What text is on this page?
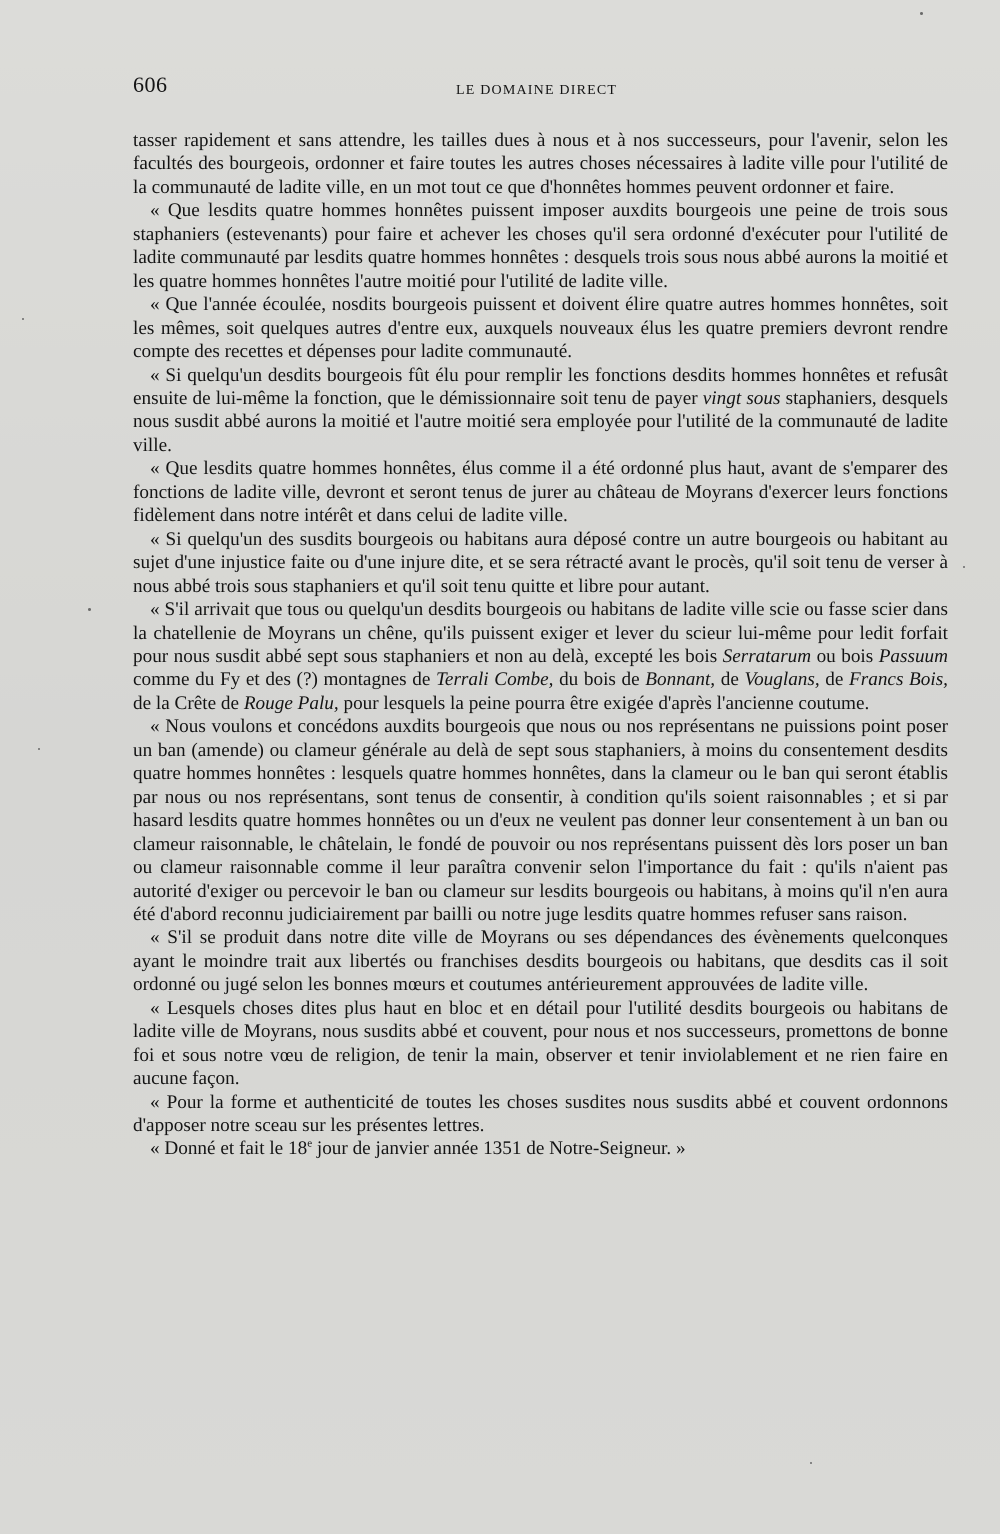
606	LE DOMAINE DIRECT

tasser rapidement et sans attendre, les tailles dues à nous et à nos successeurs, pour l'avenir, selon les facultés des bourgeois, ordonner et faire toutes les autres choses nécessaires à ladite ville pour l'utilité de la communauté de ladite ville, en un mot tout ce que d'honnêtes hommes peuvent ordonner et faire.

« Que lesdits quatre hommes honnêtes puissent imposer auxdits bourgeois une peine de trois sous staphaniers (estevenants) pour faire et achever les choses qu'il sera ordonné d'exécuter pour l'utilité de ladite communauté par lesdits quatre hommes honnêtes : desquels trois sous nous abbé aurons la moitié et les quatre hommes honnêtes l'autre moitié pour l'utilité de ladite ville.

« Que l'année écoulée, nosdits bourgeois puissent et doivent élire quatre autres hommes honnêtes, soit les mêmes, soit quelques autres d'entre eux, auxquels nouveaux élus les quatre premiers devront rendre compte des recettes et dépenses pour ladite communauté.

« Si quelqu'un desdits bourgeois fût élu pour remplir les fonctions desdits hommes honnêtes et refusât ensuite de lui-même la fonction, que le démissionnaire soit tenu de payer vingt sous staphaniers, desquels nous susdit abbé aurons la moitié et l'autre moitié sera employée pour l'utilité de la communauté de ladite ville.

« Que lesdits quatre hommes honnêtes, élus comme il a été ordonné plus haut, avant de s'emparer des fonctions de ladite ville, devront et seront tenus de jurer au château de Moyrans d'exercer leurs fonctions fidèlement dans notre intérêt et dans celui de ladite ville.

« Si quelqu'un des susdits bourgeois ou habitans aura déposé contre un autre bourgeois ou habitant au sujet d'une injustice faite ou d'une injure dite, et se sera rétracté avant le procès, qu'il soit tenu de verser à nous abbé trois sous staphaniers et qu'il soit tenu quitte et libre pour autant.

« S'il arrivait que tous ou quelqu'un desdits bourgeois ou habitans de ladite ville scie ou fasse scier dans la chatellenie de Moyrans un chêne, qu'ils puissent exiger et lever du scieur lui-même pour ledit forfait pour nous susdit abbé sept sous staphaniers et non au delà, excepté les bois Serratarum ou bois Passuum comme du Fy et des (?) montagnes de Terrali Combe, du bois de Bonnant, de Vouglans, de Francs Bois, de la Crête de Rouge Palu, pour lesquels la peine pourra être exigée d'après l'ancienne coutume.

« Nous voulons et concédons auxdits bourgeois que nous ou nos représentans ne puissions point poser un ban (amende) ou clameur générale au delà de sept sous staphaniers, à moins du consentement desdits quatre hommes honnêtes : lesquels quatre hommes honnêtes, dans la clameur ou le ban qui seront établis par nous ou nos représentans, sont tenus de consentir, à condition qu'ils soient raisonnables ; et si par hasard lesdits quatre hommes honnêtes ou un d'eux ne veulent pas donner leur consentement à un ban ou clameur raisonnable, le châtelain, le fondé de pouvoir ou nos représentans puissent dès lors poser un ban ou clameur raisonnable comme il leur paraîtra convenir selon l'importance du fait : qu'ils n'aient pas autorité d'exiger ou percevoir le ban ou clameur sur lesdits bourgeois ou habitans, à moins qu'il n'en aura été d'abord reconnu judiciairement par bailli ou notre juge lesdits quatre hommes refuser sans raison.

« S'il se produit dans notre dite ville de Moyrans ou ses dépendances des évènements quelconques ayant le moindre trait aux libertés ou franchises desdits bourgeois ou habitans, que desdits cas il soit ordonné ou jugé selon les bonnes mœurs et coutumes antérieurement approuvées de ladite ville.

« Lesquels choses dites plus haut en bloc et en détail pour l'utilité desdits bourgeois ou habitans de ladite ville de Moyrans, nous susdits abbé et couvent, pour nous et nos successeurs, promettons de bonne foi et sous notre vœu de religion, de tenir la main, observer et tenir inviolablement et ne rien faire en aucune façon.

« Pour la forme et authenticité de toutes les choses susdites nous susdits abbé et couvent ordonnons d'apposer notre sceau sur les présentes lettres.

« Donné et fait le 18e jour de janvier année 1351 de Notre-Seigneur. »
